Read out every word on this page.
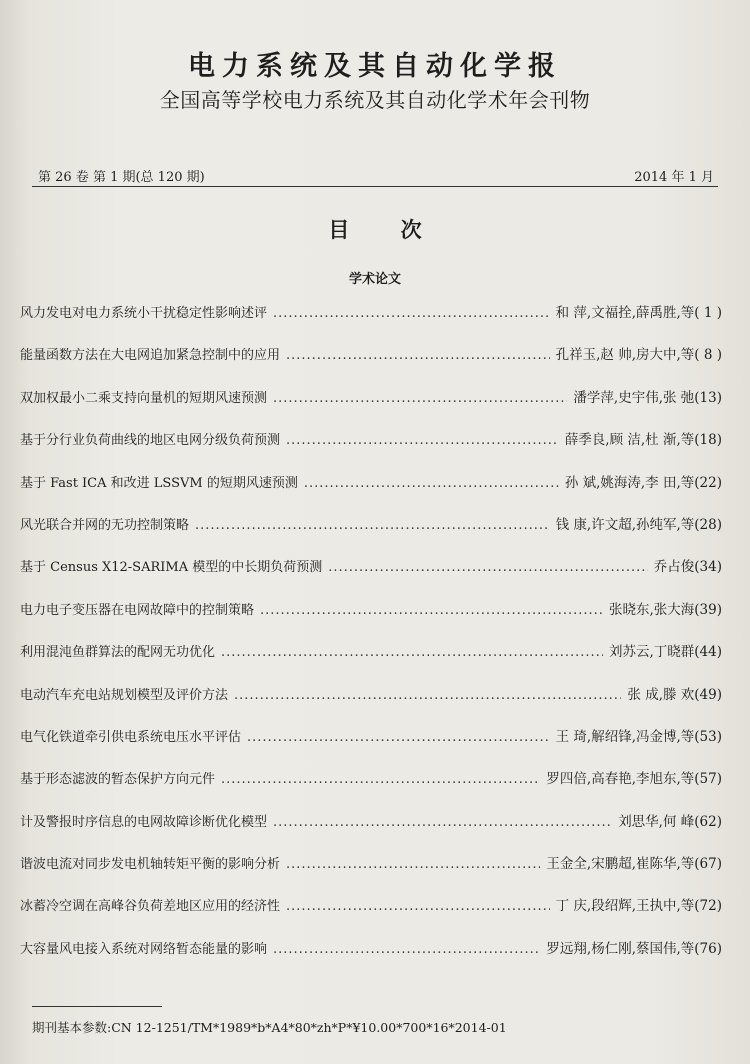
电力系统及其自动化学报
全国高等学校电力系统及其自动化学术年会刊物
第 26 卷 第 1 期(总 120 期)	2014 年 1 月
目 次
学术论文
风力发电对电力系统小干扰稳定性影响述评 .....	和 萍,文福拴,薛禹胜,等 ( 1 )
能量函数方法在大电网追加紧急控制中的应用 .....	孔祥玉,赵 帅,房大中,等 ( 8 )
双加权最小二乘支持向量机的短期风速预测 .....	潘学萍,史宇伟,张 弛 (13)
基于分行业负荷曲线的地区电网分级负荷预测 .....	薛季良,顾 洁,杜 渐,等 (18)
基于 Fast ICA 和改进 LSSVM 的短期风速预测 .....	孙 斌,姚海涛,李 田,等 (22)
风光联合并网的无功控制策略 .....	钱 康,许文超,孙纯军,等 (28)
基于 Census X12-SARIMA 模型的中长期负荷预测 .....	乔占俊 (34)
电力电子变压器在电网故障中的控制策略 .....	张晓东,张大海 (39)
利用混沌鱼群算法的配网无功优化 .....	刘苏云,丁晓群 (44)
电动汽车充电站规划模型及评价方法 .....	张 成,滕 欢 (49)
电气化铁道牵引供电系统电压水平评估 .....	王 琦,解绍锋,冯金博,等 (53)
基于形态滤波的暂态保护方向元件 .....	罗四倍,高春艳,李旭东,等 (57)
计及警报时序信息的电网故障诊断优化模型 .....	刘思华,何 峰 (62)
谐波电流对同步发电机轴转矩平衡的影响分析 .....	王金全,宋鹏超,崔陈华,等 (67)
冰蓄冷空调在高峰谷负荷差地区应用的经济性 .....	丁 庆,段绍辉,王执中,等 (72)
大容量风电接入系统对网络暂态能量的影响 .....	罗远翔,杨仁刚,蔡国伟,等 (76)
期刊基本参数:CN 12-1251/TM*1989*b*A4*80*zh*P*¥10.00*700*16*2014-01
